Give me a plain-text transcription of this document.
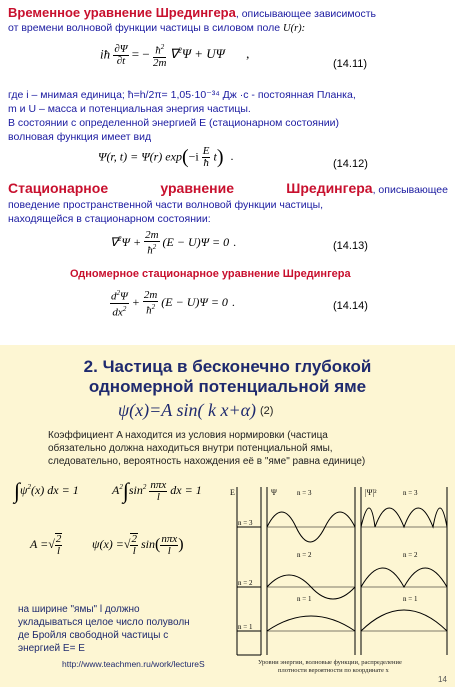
Временное уравнение Шредингера, описывающее зависимость
от времени волновой функции частицы в силовом поле U(r):

iħ $\frac{\partial\Psi}{\partial t}$ = − $\frac{ħ^2}{2m} \nabla^2\Psi + U\Psi$ ,
(14.11)

где i – мнимая единица; ħ=h/2π= 1,05·10⁻³⁴ Дж ·с - постоянная Планка,
m и U – масса и потенциальная энергия частицы.
В состоянии с определенной энергией Е (стационарном состоянии)
волновая функция имеет вид

Ψ(r, t) = Ψ(r) $\exp(-i \frac{E}{ħ} t)$ .
(14.12)
Стационарное	уравнение	Шредингера, описывающее

поведение пространственной части волновой функции частицы,
находящейся в стационарном состоянии:

$\nabla^2\Psi + \frac{2m}{ħ^2} (E - U)\Psi = 0$ .	(14.13)

Одномерное стационарное уравнение Шредингера

$\frac{d^2\Psi}{dx^2} + \frac{2m}{ħ^2} (E - U)\Psi = 0$ .	(14.14)
2. Частица в бесконечно глубокой
одномерной потенциальной яме
ψ(x)=A sin( k x+α) (2)
Коэффициент A находится из условия нормировки (частица
обязательно должна находиться внутри потенциальной ямы,
следовательно, вероятность нахождения её в "яме" равна единице)
$\int\psi^2(x)$ dx = 1	$A^2\int\sin^2 \frac{\text{nπx}}{l}$ dx = 1
A =√ $\frac{2}{l} \psi(x)$ =√ $\frac{2}{l} \sin( \frac{\text{nπx}}{l}$ )
на ширине "ямы" l должно
укладываться целое число полуволн
де Бройля свободной частицы с
энергией E= E
http://www.teachmen.ru/work/lectureS
E
n = 3
n = 2
n = 1
Ψ	n = 3
n = 2
n = 1
|Ψ|²	n = 3
n = 2
n = 1
Уровни энергии, волновые функции, распределение
плотности вероятности по координате x
14
